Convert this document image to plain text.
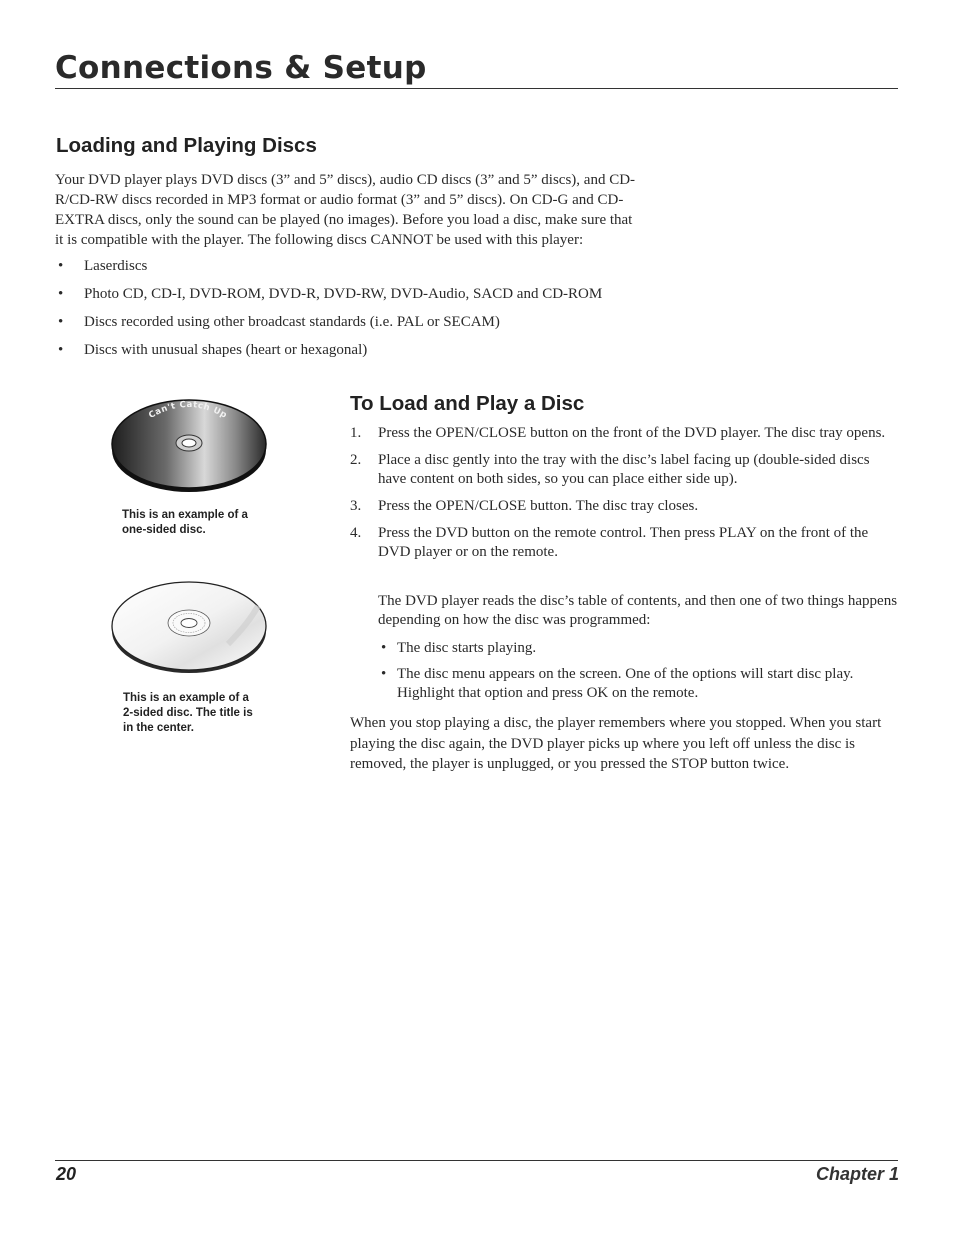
Connections & Setup
Loading and Playing Discs
Your DVD player plays DVD discs (3” and 5” discs), audio CD discs (3” and 5” discs), and CD-
R/CD-RW discs recorded in MP3 format or audio format (3” and 5” discs). On CD-G and CD-
EXTRA discs, only the sound can be played (no images). Before you load a disc, make sure that
it is compatible with the player. The following discs CANNOT be used with this player:
• Laserdiscs
• Photo CD, CD-I, DVD-ROM, DVD-R, DVD-RW, DVD-Audio, SACD and CD-ROM
• Discs recorded using other broadcast standards (i.e. PAL or SECAM)
• Discs with unusual shapes (heart or hexagonal)
Can't Catch Up
This is an example of a
one-sided disc.
This is an example of a
2-sided disc. The title is
in the center.
To Load and Play a Disc
1. Press the OPEN/CLOSE button on the front of the DVD player. The disc tray opens.
2. Place a disc gently into the tray with the disc’s label facing up (double-sided discs have content on both sides, so you can place either side up).
3. Press the OPEN/CLOSE button. The disc tray closes.
4. Press the DVD button on the remote control. Then press PLAY on the front of the DVD player or on the remote.
The DVD player reads the disc’s table of contents, and then one of two things happens depending on how the disc was programmed:
• The disc starts playing.
• The disc menu appears on the screen. One of the options will start disc play. Highlight that option and press OK on the remote.
When you stop playing a disc, the player remembers where you stopped. When you start playing the disc again, the DVD player picks up where you left off unless the disc is removed, the player is unplugged, or you pressed the STOP button twice.
20	Chapter 1
